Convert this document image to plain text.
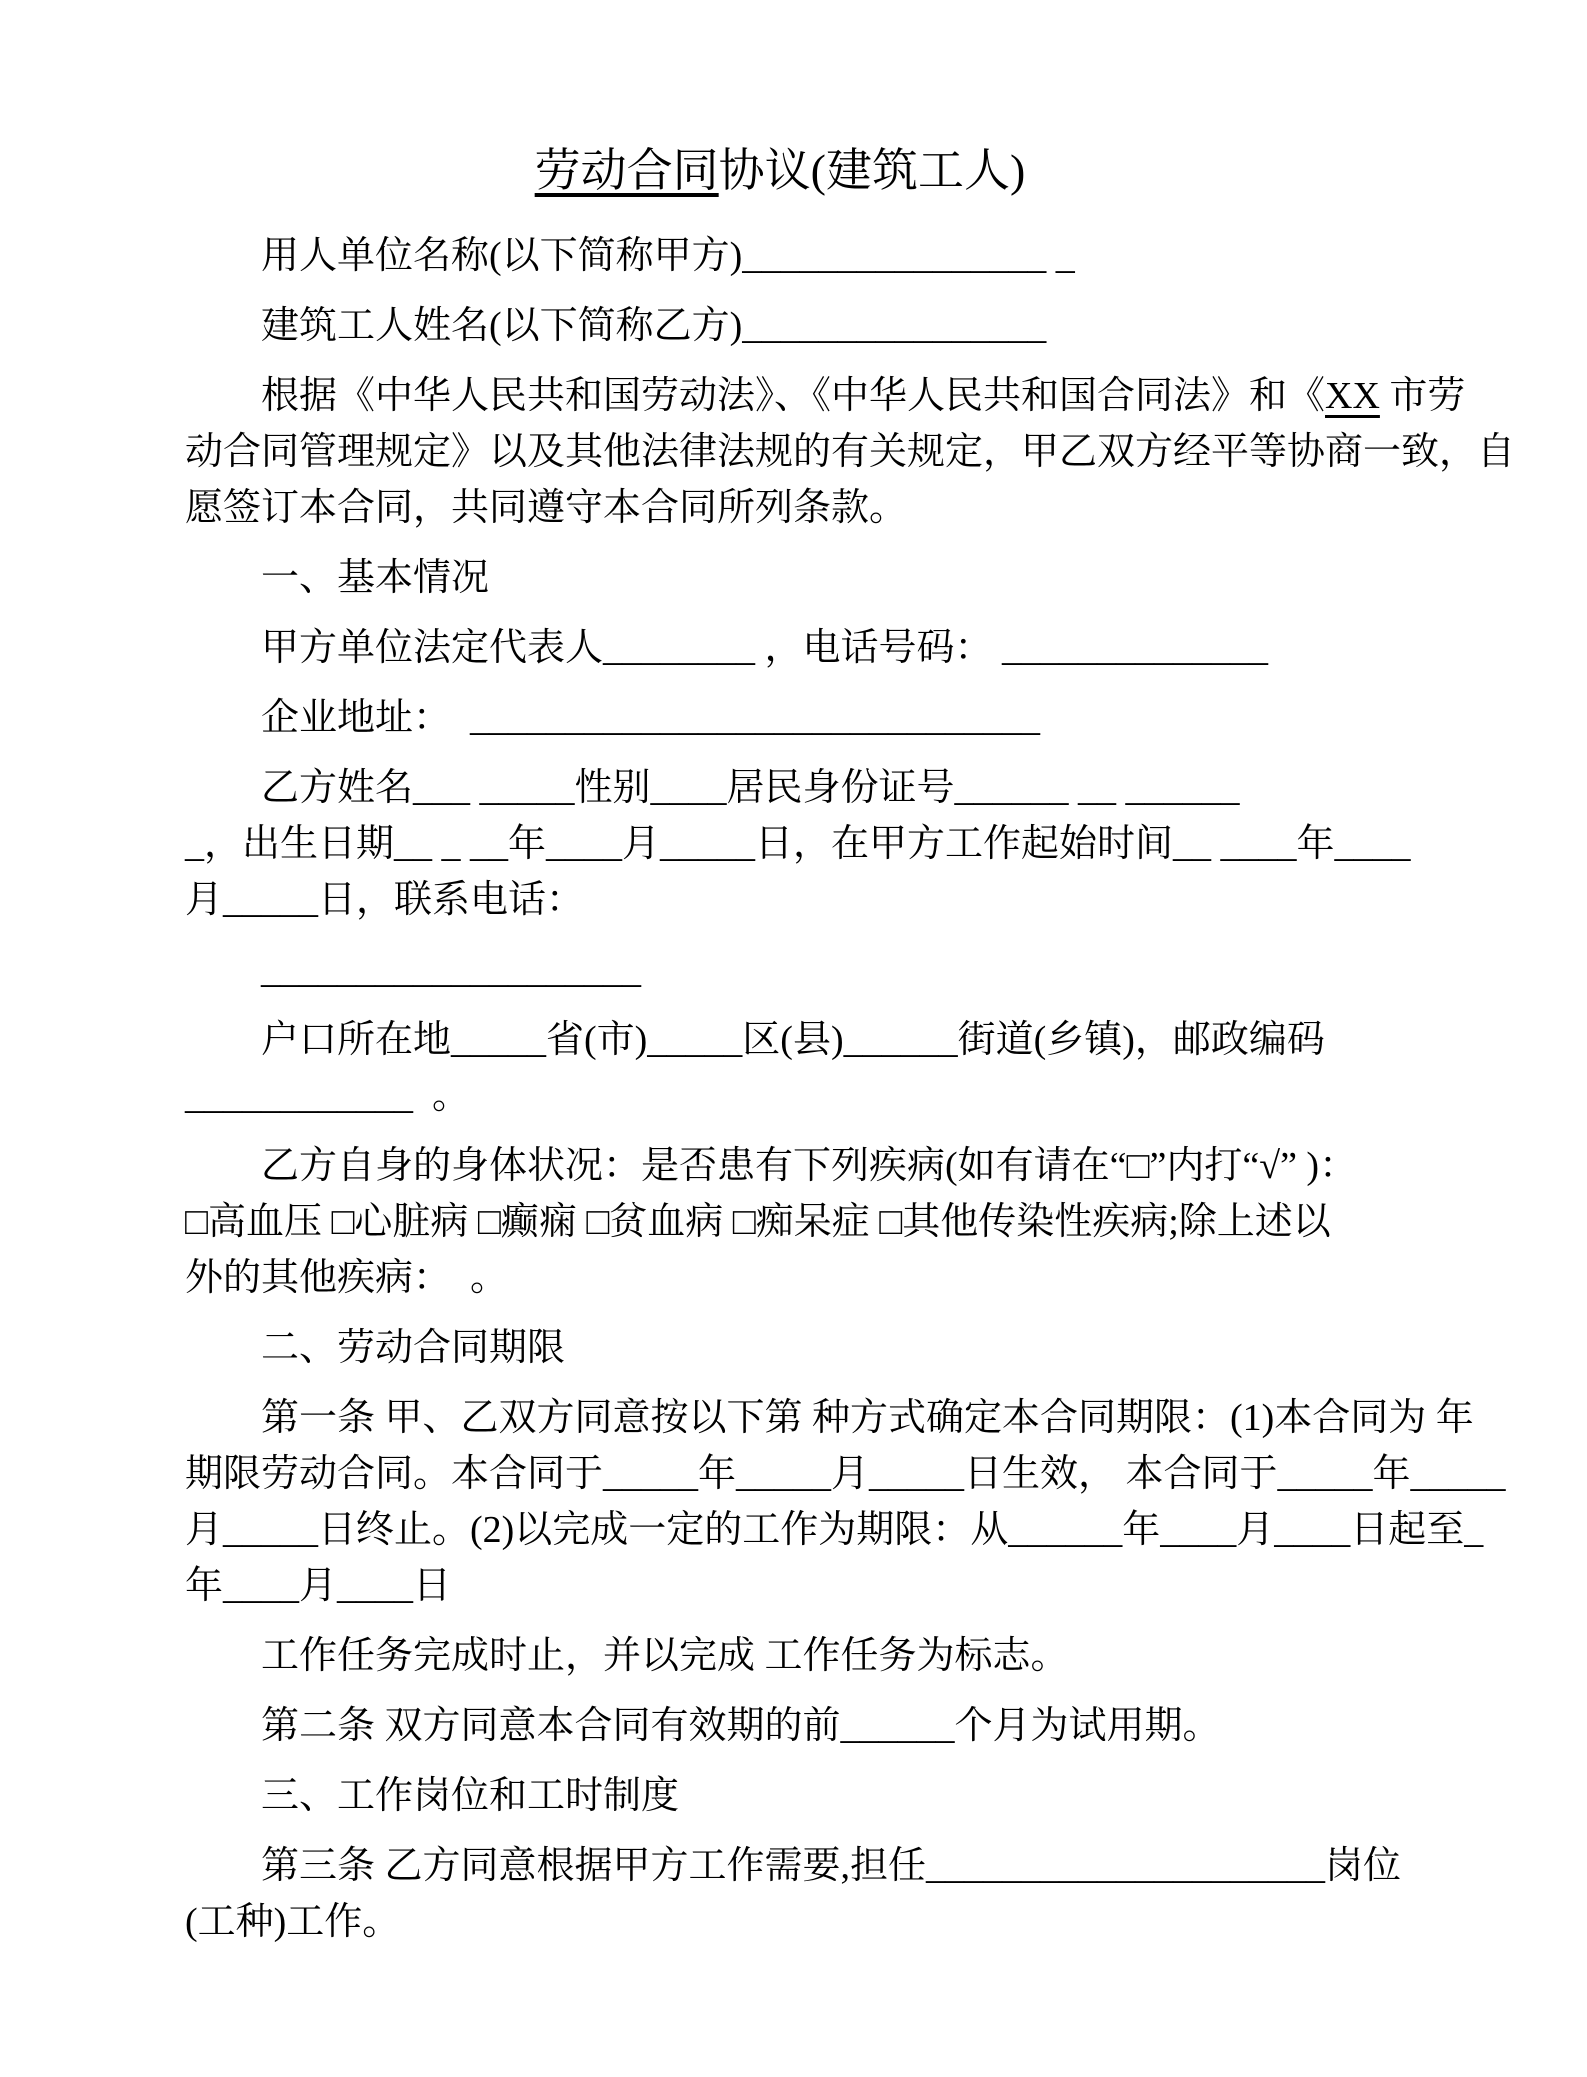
劳动合同协议(建筑工人)

用人单位名称(以下简称甲方)________________ _

建筑工人姓名(以下简称乙方)________________

根据《中华人民共和国劳动法》、《中华人民共和国合同法》和《XX 市劳
动合同管理规定》以及其他法律法规的有关规定，甲乙双方经平等协商一致，自
愿签订本合同，共同遵守本合同所列条款。

一、基本情况

甲方单位法定代表人________ ，电话号码： ______________

企业地址：  ______________________________

乙方姓名___ _____性别____居民身份证号______ __ ______
_，出生日期__ _ __年____月_____日，在甲方工作起始时间__ ____年____
月_____日，联系电话：

____________________

户口所在地_____省(市)_____区(县)______街道(乡镇)，邮政编码
____________  。

乙方自身的身体状况：是否患有下列疾病(如有请在“□”内打“√” )：
□高血压 □心脏病 □癫痫 □贫血病 □痴呆症 □其他传染性疾病;除上述以
外的其他疾病：  。

二、劳动合同期限

第一条 甲、乙双方同意按以下第 种方式确定本合同期限：(1)本合同为 年
期限劳动合同。本合同于_____年_____月_____日生效， 本合同于_____年_____
月_____日终止。(2)以完成一定的工作为期限：从______年____月____日起至_
年____月____日

工作任务完成时止，并以完成 工作任务为标志。

第二条 双方同意本合同有效期的前______个月为试用期。

三、工作岗位和工时制度

第三条 乙方同意根据甲方工作需要,担任_____________________岗位
(工种)工作。
